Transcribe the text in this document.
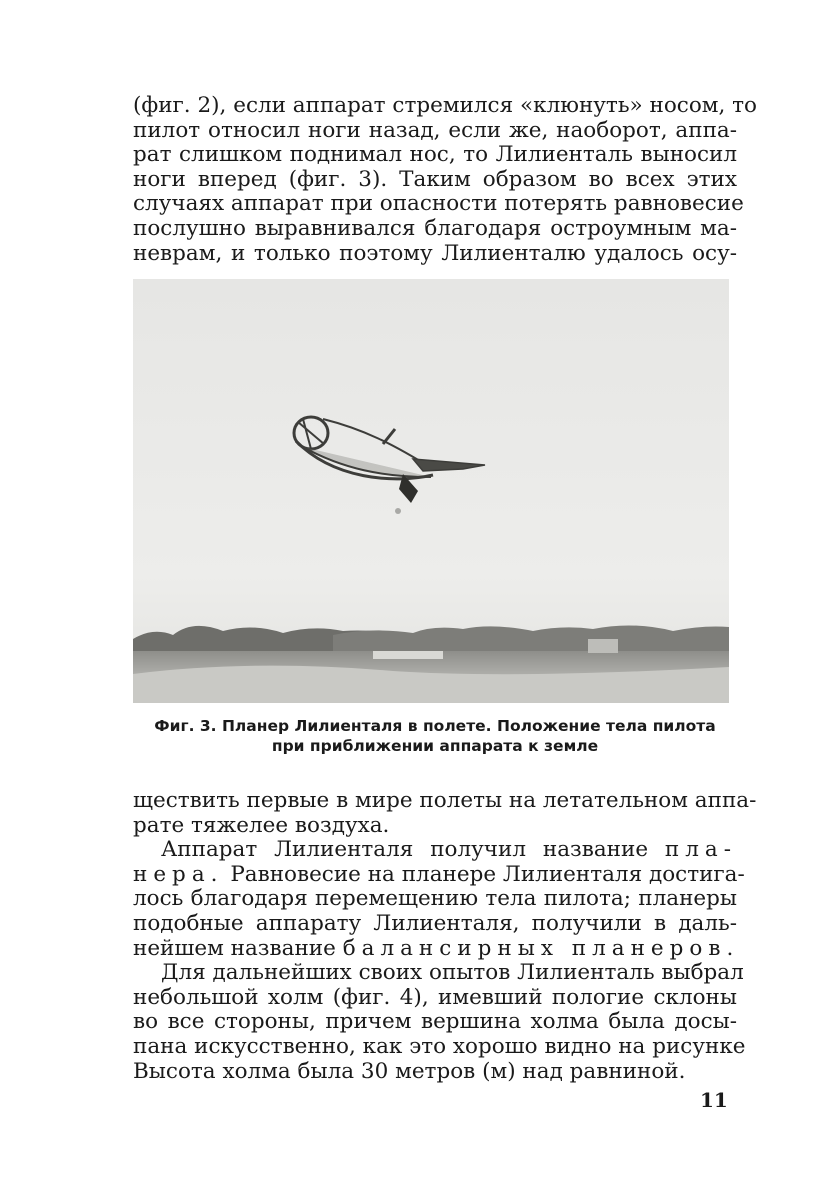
(фиг. 2), если аппарат стремился «клюнуть» носом, то
пилот относил ноги назад, если же, наоборот, аппа-
рат слишком поднимал нос, то Лилиенталь выносил
ноги вперед (фиг. 3). Таким образом во всех этих
случаях аппарат при опасности потерять равновесие
послушно выравнивался благодаря остроумным ма-
неврам, и только поэтому Лилиенталю удалось осу-
Фиг. 3. Планер Лилиенталя в полете. Положение тела пилота
при приближении аппарата к земле
ществить первые в мире полеты на летательном аппа-
рате тяжелее воздуха.
Аппарат Лилиенталя получил название пла-
нера. Равновесие на планере Лилиенталя достига-
лось благодаря перемещению тела пилота; планеры
подобные аппарату Лилиенталя, получили в даль-
нейшем название балансирных планеров.
Для дальнейших своих опытов Лилиенталь выбрал
небольшой холм (фиг. 4), имевший пологие склоны
во все стороны, причем вершина холма была досы-
пана искусственно, как это хорошо видно на рисунке
Высота холма была 30 метров (м) над равниной.
11
